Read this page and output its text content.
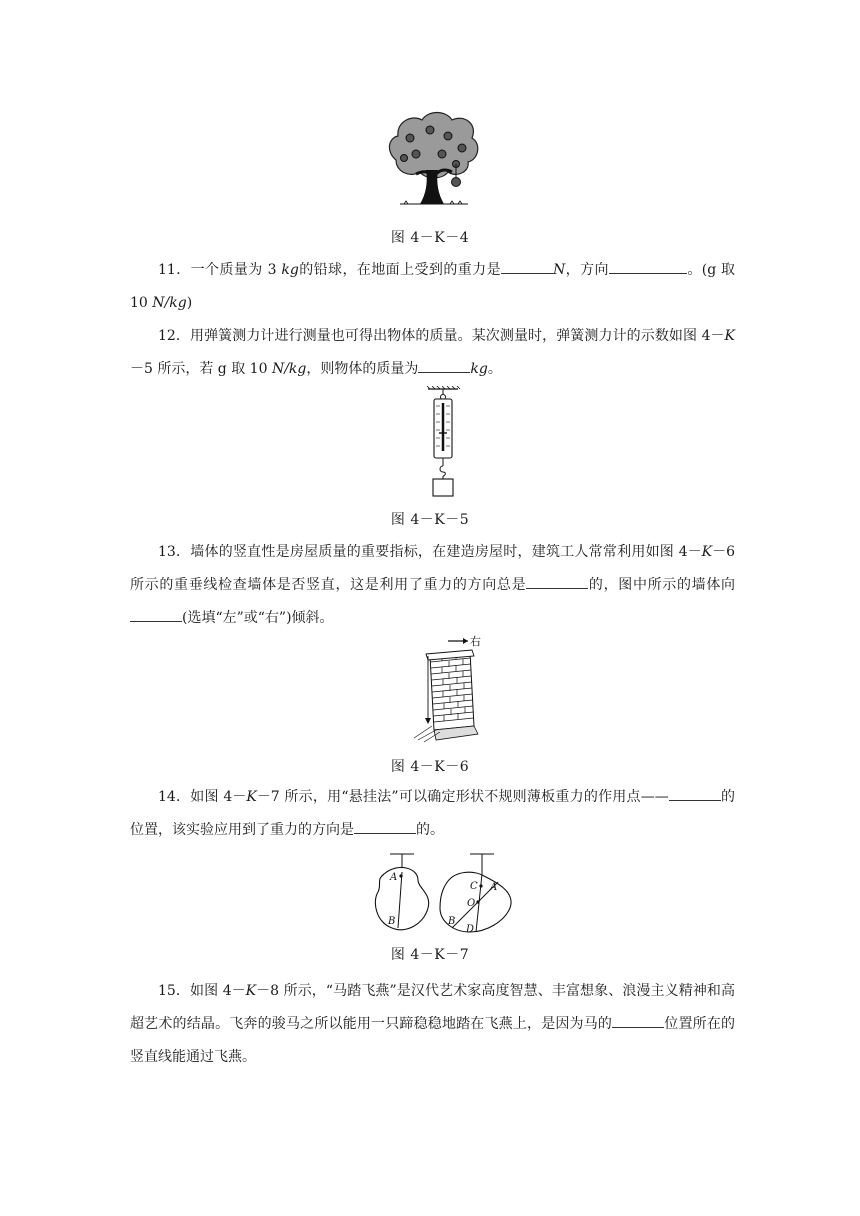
图 4－K－4

11．一个质量为 3 kg的铅球，在地面上受到的重力是	N，方向	。(g 取 10 N/kg)

12．用弹簧测力计进行测量也可得出物体的质量。某次测量时，弹簧测力计的示数如图 4－K－5 所示，若 g 取 10 N/kg，则物体的质量为	kg。

图 4－K－5

13．墙体的竖直性是房屋质量的重要指标，在建造房屋时，建筑工人常常利用如图 4－K－6 所示的重垂线检查墙体是否竖直，这是利用了重力的方向总是	的，图中所示的墙体向(选填“左”或“右”)倾斜。

右
图 4－K－6

14．如图 4－K－7 所示，用“悬挂法”可以确定形状不规则薄板重力的作用点——	的位置，该实验应用到了重力的方向是	的。

A
B
C A
O
B
D
图 4－K－7

15．如图 4－K－8 所示，“马踏飞燕”是汉代艺术家高度智慧、丰富想象、浪漫主义精神和高超艺术的结晶。飞奔的骏马之所以能用一只蹄稳稳地踏在飞燕上，是因为马的	位置所在的竖直线能通过飞燕。
